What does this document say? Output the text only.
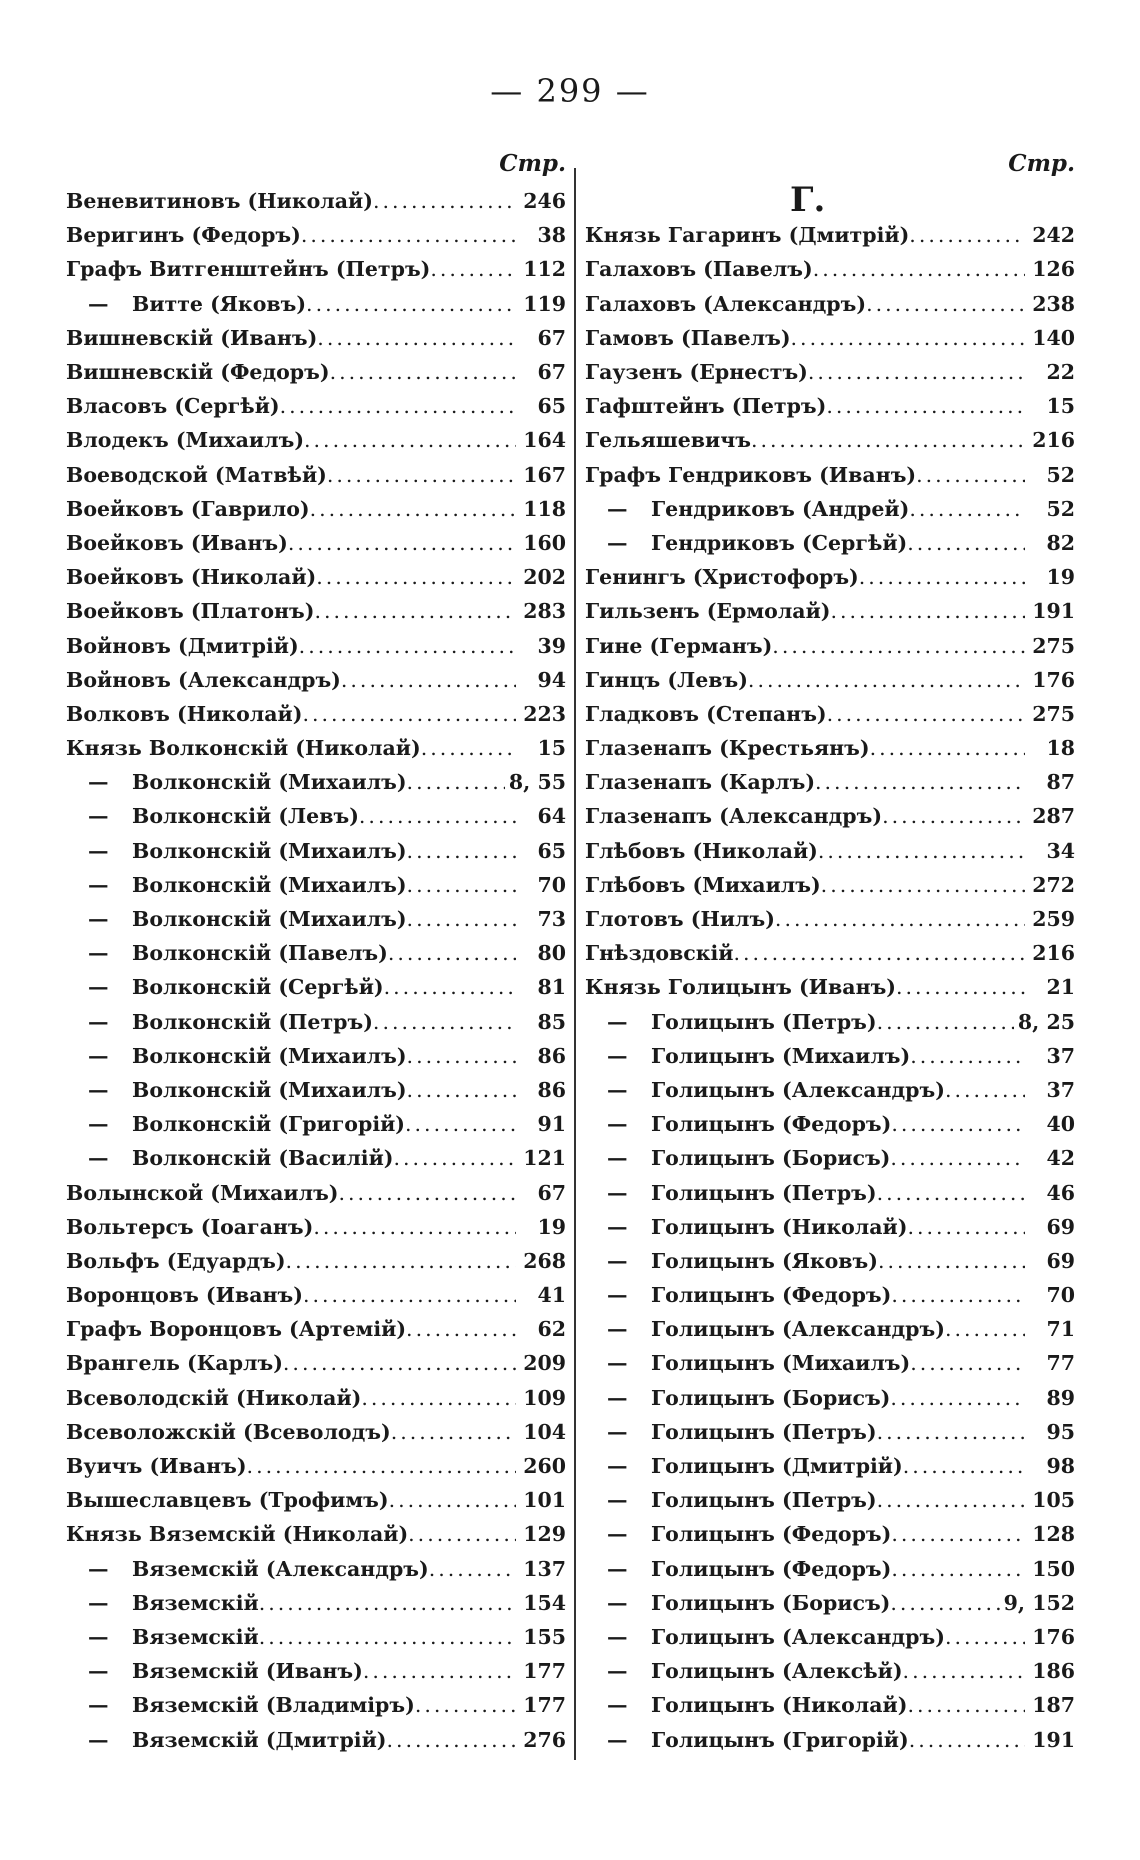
— 299 —
Г.
Стр.
Веневитиновъ (Николай) .....	246
Веригинъ (Федоръ) .....	38
Графъ Витгенштейнъ (Петръ) .....	112
—	Витте (Яковъ) .....	119
Вишневскій (Иванъ) .....	67
Вишневскій (Федоръ) .....	67
Власовъ (Сергѣй) .....	65
Влодекъ (Михаилъ) .....	164
Воеводской (Матвѣй) .....	167
Воейковъ (Гаврило) .....	118
Воейковъ (Иванъ) .....	160
Воейковъ (Николай) .....	202
Воейковъ (Платонъ) .....	283
Войновъ (Дмитрій) .....	39
Войновъ (Александръ) .....	94
Волковъ (Николай) .....	223
Князь Волконскій (Николай) .....	15
—	Волконскій (Михаилъ) .....	8, 55
—	Волконскій (Левъ) .....	64
—	Волконскій (Михаилъ) .....	65
—	Волконскій (Михаилъ) .....	70
—	Волконскій (Михаилъ) .....	73
—	Волконскій (Павелъ) .....	80
—	Волконскій (Сергѣй) .....	81
—	Волконскій (Петръ) .....	85
—	Волконскій (Михаилъ) .....	86
—	Волконскій (Михаилъ) .....	86
—	Волконскій (Григорій) .....	91
—	Волконскій (Василій) .....	121
Волынской (Михаилъ) .....	67
Вольтерсъ (Іоаганъ) .....	19
Вольфъ (Едуардъ) .....	268
Воронцовъ (Иванъ) .....	41
Графъ Воронцовъ (Артемій) .....	62
Врангель (Карлъ) .....	209
Всеволодскій (Николай) .....	109
Всеволожскій (Всеволодъ) .....	104
Вуичъ (Иванъ) .....	260
Вышеславцевъ (Трофимъ) .....	101
Князь Вяземскій (Николай) .....	129
—	Вяземскій (Александръ) .....	137
—	Вяземскій .....	154
—	Вяземскій .....	155
—	Вяземскій (Иванъ) .....	177
—	Вяземскій (Владиміръ) .....	177
—	Вяземскій (Дмитрій) .....	276
Стр.
Князь Гагаринъ (Дмитрій) .....	242
Галаховъ (Павелъ) .....	126
Галаховъ (Александръ) .....	238
Гамовъ (Павелъ) .....	140
Гаузенъ (Ернестъ) .....	22
Гафштейнъ (Петръ) .....	15
Гельяшевичъ .....	216
Графъ Гендриковъ (Иванъ) .....	52
—	Гендриковъ (Андрей) .....	52
—	Гендриковъ (Сергѣй) .....	82
Генингъ (Христофоръ) .....	19
Гильзенъ (Ермолай) .....	191
Гине (Германъ) .....	275
Гинцъ (Левъ) .....	176
Гладковъ (Степанъ) .....	275
Глазенапъ (Крестьянъ) .....	18
Глазенапъ (Карлъ) .....	87
Глазенапъ (Александръ) .....	287
Глѣбовъ (Николай) .....	34
Глѣбовъ (Михаилъ) .....	272
Глотовъ (Нилъ) .....	259
Гнѣздовскій .....	216
Князь Голицынъ (Иванъ) .....	21
—	Голицынъ (Петръ) .....	8, 25
—	Голицынъ (Михаилъ) .....	37
—	Голицынъ (Александръ) .....	37
—	Голицынъ (Федоръ) .....	40
—	Голицынъ (Борисъ) .....	42
—	Голицынъ (Петръ) .....	46
—	Голицынъ (Николай) .....	69
—	Голицынъ (Яковъ) .....	69
—	Голицынъ (Федоръ) .....	70
—	Голицынъ (Александръ) .....	71
—	Голицынъ (Михаилъ) .....	77
—	Голицынъ (Борисъ) .....	89
—	Голицынъ (Петръ) .....	95
—	Голицынъ (Дмитрій) .....	98
—	Голицынъ (Петръ) .....	105
—	Голицынъ (Федоръ) .....	128
—	Голицынъ (Федоръ) .....	150
—	Голицынъ (Борисъ) .....	9, 152
—	Голицынъ (Александръ) .....	176
—	Голицынъ (Алексѣй) .....	186
—	Голицынъ (Николай) .....	187
—	Голицынъ (Григорій) .....	191
